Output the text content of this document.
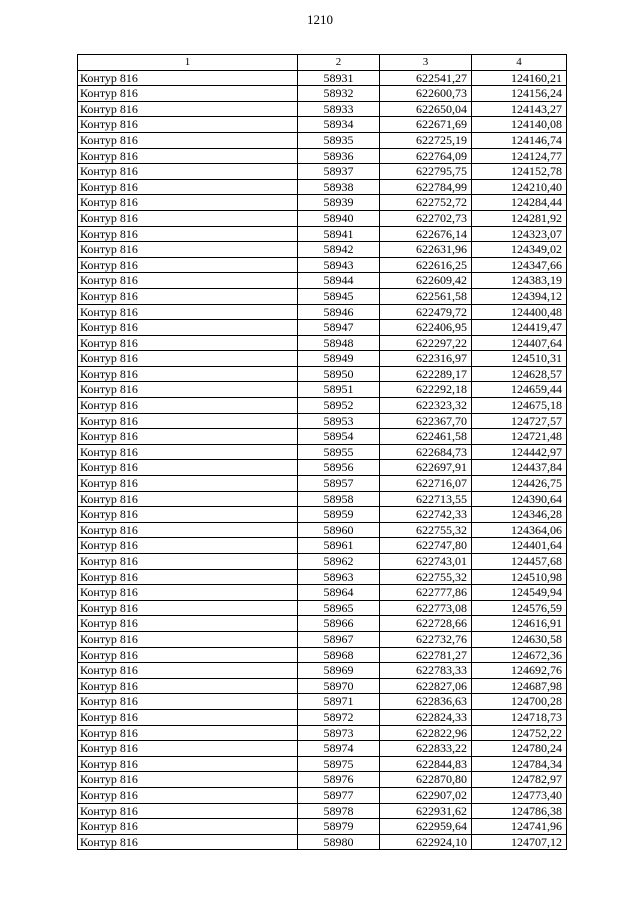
1210
1	2	3	4
Контур 816	58931	622541,27	124160,21
Контур 816	58932	622600,73	124156,24
Контур 816	58933	622650,04	124143,27
Контур 816	58934	622671,69	124140,08
Контур 816	58935	622725,19	124146,74
Контур 816	58936	622764,09	124124,77
Контур 816	58937	622795,75	124152,78
Контур 816	58938	622784,99	124210,40
Контур 816	58939	622752,72	124284,44
Контур 816	58940	622702,73	124281,92
Контур 816	58941	622676,14	124323,07
Контур 816	58942	622631,96	124349,02
Контур 816	58943	622616,25	124347,66
Контур 816	58944	622609,42	124383,19
Контур 816	58945	622561,58	124394,12
Контур 816	58946	622479,72	124400,48
Контур 816	58947	622406,95	124419,47
Контур 816	58948	622297,22	124407,64
Контур 816	58949	622316,97	124510,31
Контур 816	58950	622289,17	124628,57
Контур 816	58951	622292,18	124659,44
Контур 816	58952	622323,32	124675,18
Контур 816	58953	622367,70	124727,57
Контур 816	58954	622461,58	124721,48
Контур 816	58955	622684,73	124442,97
Контур 816	58956	622697,91	124437,84
Контур 816	58957	622716,07	124426,75
Контур 816	58958	622713,55	124390,64
Контур 816	58959	622742,33	124346,28
Контур 816	58960	622755,32	124364,06
Контур 816	58961	622747,80	124401,64
Контур 816	58962	622743,01	124457,68
Контур 816	58963	622755,32	124510,98
Контур 816	58964	622777,86	124549,94
Контур 816	58965	622773,08	124576,59
Контур 816	58966	622728,66	124616,91
Контур 816	58967	622732,76	124630,58
Контур 816	58968	622781,27	124672,36
Контур 816	58969	622783,33	124692,76
Контур 816	58970	622827,06	124687,98
Контур 816	58971	622836,63	124700,28
Контур 816	58972	622824,33	124718,73
Контур 816	58973	622822,96	124752,22
Контур 816	58974	622833,22	124780,24
Контур 816	58975	622844,83	124784,34
Контур 816	58976	622870,80	124782,97
Контур 816	58977	622907,02	124773,40
Контур 816	58978	622931,62	124786,38
Контур 816	58979	622959,64	124741,96
Контур 816	58980	622924,10	124707,12
